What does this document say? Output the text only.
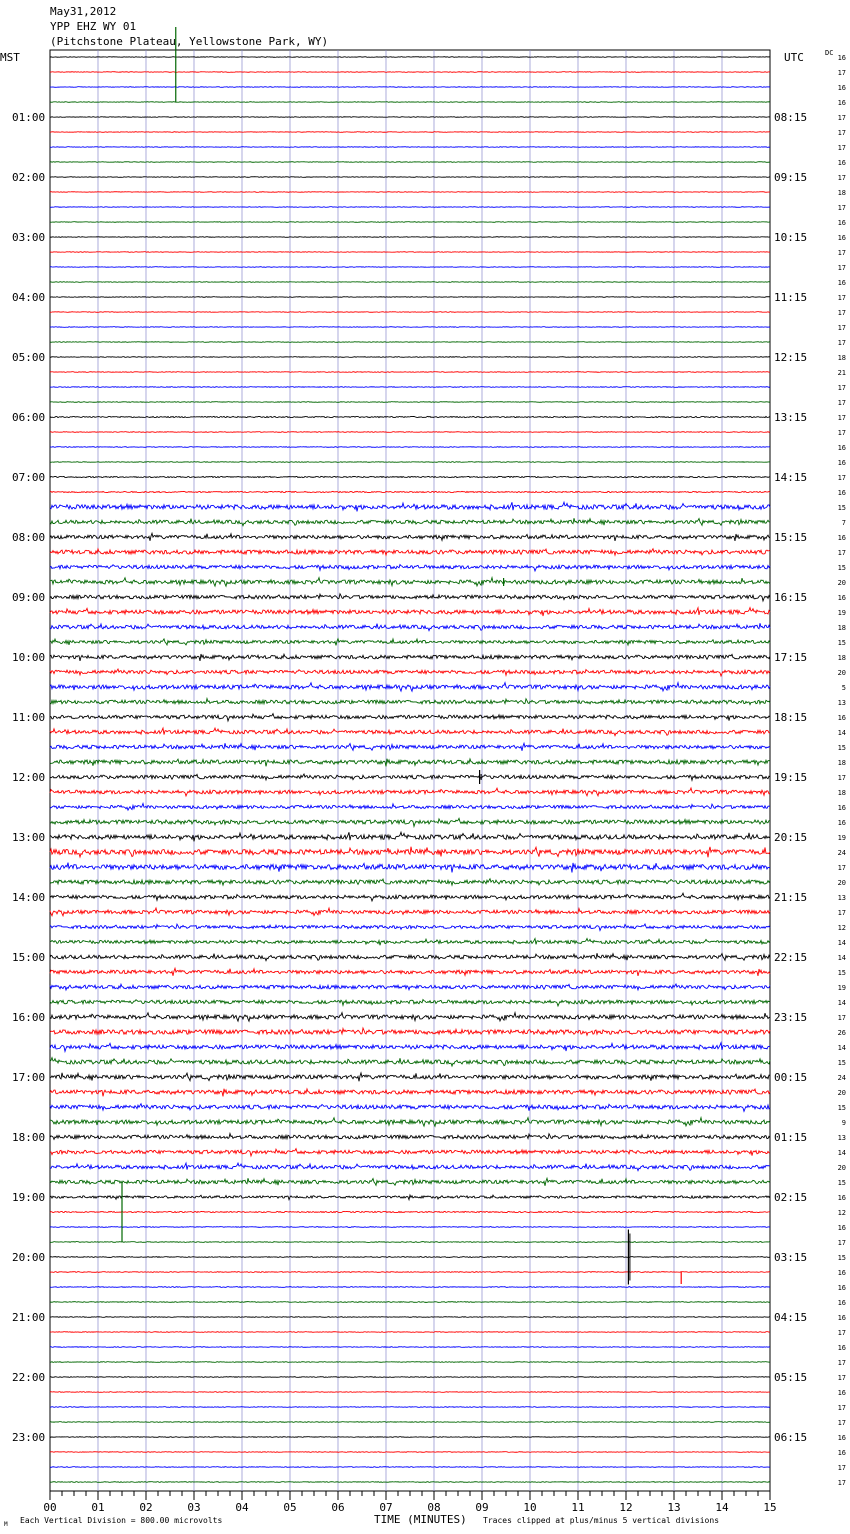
May31,2012
YPP EHZ WY 01
(Pitchstone Plateau, Yellowstone Park, WY)
01:00
02:00
03:00
04:00
05:00
06:00
07:00
08:00
09:00
10:00
11:00
12:00
13:00
14:00
15:00
16:00
17:00
18:00
19:00
20:00
21:00
22:00
23:00
08:15
09:15
10:15
11:15
12:15
13:15
14:15
15:15
16:15
17:15
18:15
19:15
20:15
21:15
22:15
23:15
00:15
01:15
02:15
03:15
04:15
05:15
06:15
16
17
16
16
17
17
17
16
17
18
17
16
16
17
17
16
17
17
17
17
18
21
17
17
17
17
16
16
17
16
15
7
16
17
15
20
16
19
18
15
18
20
5
13
16
14
15
18
17
18
16
16
19
24
17
20
13
17
12
14
14
15
19
14
17
26
14
15
24
20
15
9
13
14
20
15
16
12
16
17
15
16
16
16
16
17
16
17
17
16
17
17
16
16
17
17
00	01	02	03	04	05	06	07	08	09	10	11	12	13	14	15
MST	UTC	DC
TIME (MINUTES)
M Each Vertical Division = 800.00 microvolts	Traces clipped at plus/minus 5 vertical divisions
